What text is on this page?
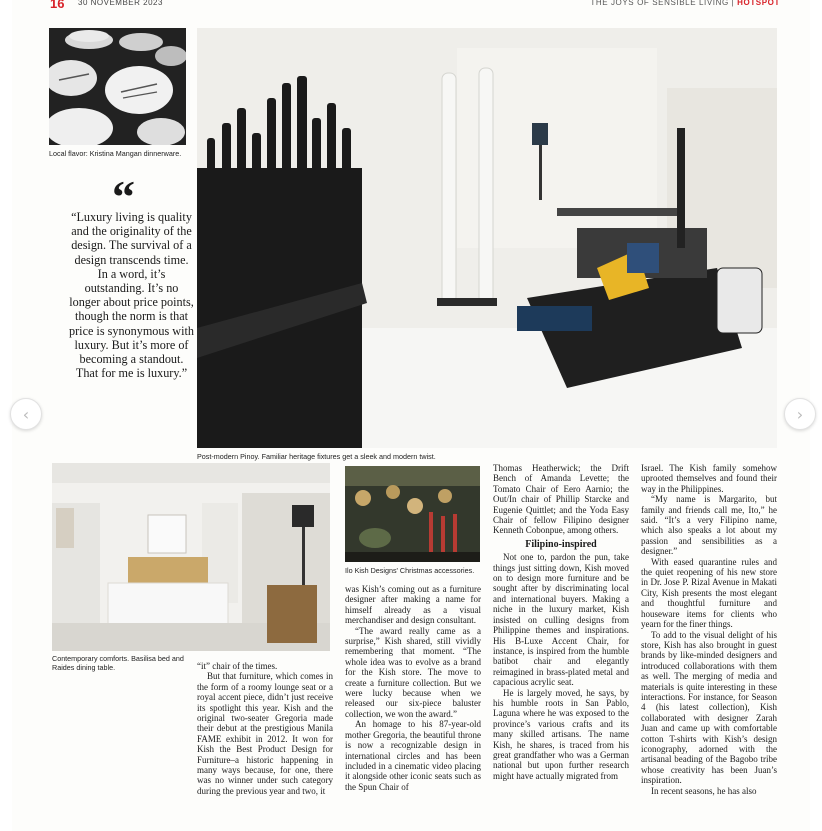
16 30 NOVEMBER 2023	THE JOYS OF SENSIBLE LIVING | HOTSPOT
Local flavor: Kristina Mangan dinnerware.
“
“Luxury living is quality and the originality of the design. The survival of a design transcends time. In a word, it’s outstanding. It’s no longer about price points, though the norm is that price is synonymous with luxury. But it’s more of becoming a standout. That for me is luxury.”
Post-modern Pinoy. Familiar heritage fixtures get a sleek and modern twist.
Contemporary comforts. Basilisa bed and Raides dining table.
Ilo Kish Designs' Christmas accessories.

“it” chair of the times.

But that furniture, which comes in the form of a roomy lounge seat or a royal accent piece, didn’t just receive its spotlight this year. Kish and the original two-seater Gregoria made their debut at the prestigious Manila FAME exhibit in 2012. It won for Kish the Best Product Design for Furniture–a historic happening in many ways because, for one, there was no winner under such category during the previous year and two, it

was Kish’s coming out as a furniture designer after making a name for himself already as a visual merchandiser and design consultant.

“The award really came as a surprise,” Kish shared, still vividly remembering that moment. “The whole idea was to evolve as a brand for the Kish store. The move to create a furniture collection. But we were lucky because when we released our six-piece baluster collection, we won the award.”

An homage to his 87-year-old mother Gregoria, the beautiful throne is now a recognizable design in international circles and has been included in a cinematic video placing it alongside other iconic seats such as the Spun Chair of

Thomas Heatherwick; the Drift Bench of Amanda Levette; the Tomato Chair of Eero Aarnio; the Out/In chair of Phillip Starcke and Eugenie Quittlet; and the Yoda Easy Chair of fellow Filipino designer Kenneth Cobonpue, among others.

Filipino-inspired

Not one to, pardon the pun, take things just sitting down, Kish moved on to design more furniture and be sought after by discriminating local and international buyers. Making a niche in the luxury market, Kish insisted on culling designs from Philippine themes and inspirations. His B-Luxe Accent Chair, for instance, is inspired from the humble batibot chair and elegantly reimagined in brass-plated metal and capacious acrylic seat.

He is largely moved, he says, by his humble roots in San Pablo, Laguna where he was exposed to the province’s various crafts and its many skilled artisans. The name Kish, he shares, is traced from his great grandfather who was a German national but upon further research might have actually migrated from

Israel. The Kish family somehow uprooted themselves and found their way in the Philippines.

“My name is Margarito, but family and friends call me, Ito,” he said. “It’s a very Filipino name, which also speaks a lot about my passion and sensibilities as a designer.”

With eased quarantine rules and the quiet reopening of his new store in Dr. Jose P. Rizal Avenue in Makati City, Kish presents the most elegant and thoughtful furniture and houseware items for clients who yearn for the finer things.

To add to the visual delight of his store, Kish has also brought in guest brands by like-minded designers and introduced collaborations with them as well. The merging of media and materials is quite interesting in these interactions. For instance, for Season 4 (his latest collection), Kish collaborated with designer Zarah Juan and came up with comfortable cotton T-shirts with Kish’s design iconography, adorned with the artisanal beading of the Bagobo tribe whose creativity has been Juan’s inspiration.

In recent seasons, he has also

‹	›
